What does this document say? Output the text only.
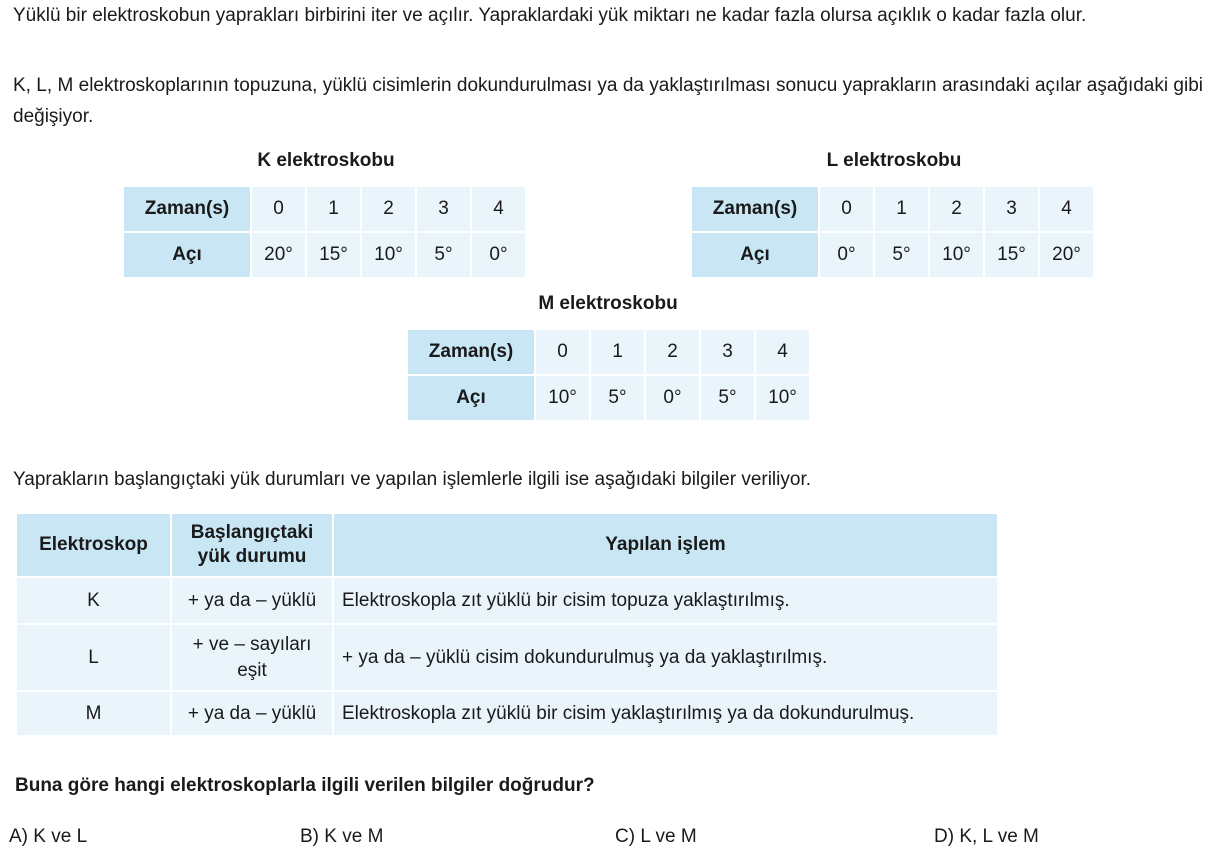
Yüklü bir elektroskobun yaprakları birbirini iter ve açılır. Yapraklardaki yük miktarı ne kadar fazla olursa açıklık o kadar fazla olur.

K, L, M elektroskoplarının topuzuna, yüklü cisimlerin dokundurulması ya da yaklaştırılması sonucu yaprakların arasındaki açılar aşağıdaki gibi değişiyor.

K elektroskobu
Zaman(s)	0	1	2	3	4
Açı	20°	15°	10°	5°	0°
L elektroskobu
Zaman(s)	0	1	2	3	4
Açı	0°	5°	10°	15°	20°
M elektroskobu
Zaman(s)	0	1	2	3	4
Açı	10°	5°	0°	5°	10°

Yaprakların başlangıçtaki yük durumları ve yapılan işlemlerle ilgili ise aşağıdaki bilgiler veriliyor.

Elektroskop	Başlangıçtaki yük durumu	Yapılan işlem
K	+ ya da – yüklü	Elektroskopla zıt yüklü bir cisim topuza yaklaştırılmış.
L	+ ve – sayıları eşit	+ ya da – yüklü cisim dokundurulmuş ya da yaklaştırılmış.
M	+ ya da – yüklü	Elektroskopla zıt yüklü bir cisim yaklaştırılmış ya da dokundurulmuş.

Buna göre hangi elektroskoplarla ilgili verilen bilgiler doğrudur?

A) K ve L	B) K ve M	C) L ve M	D) K, L ve M
